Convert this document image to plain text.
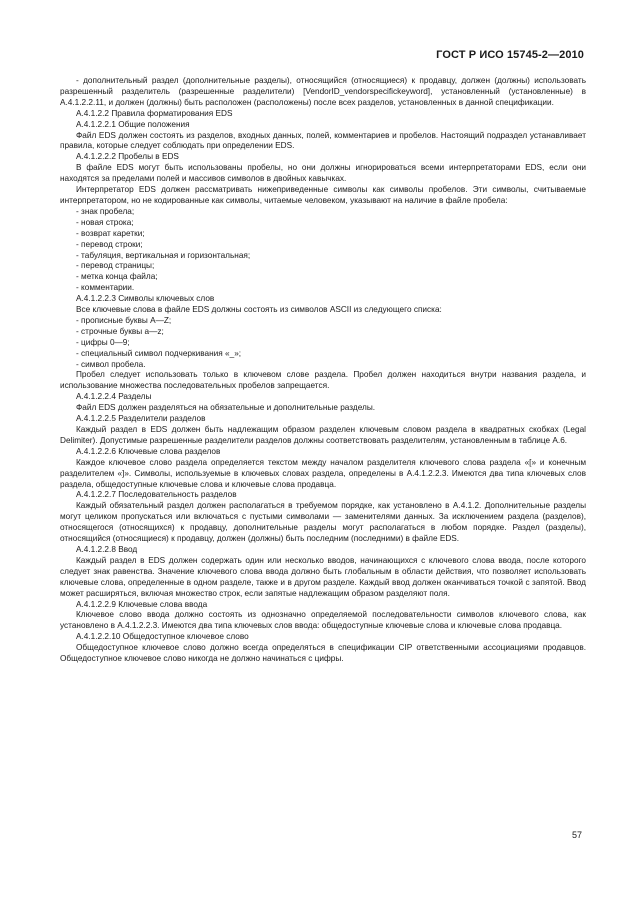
ГОСТ Р ИСО 15745-2—2010

- дополнительный раздел (дополнительные разделы), относящийся (относящиеся) к продавцу, должен (должны) использовать разрешенный разделитель (разрешенные разделители) [VendorID_vendorspecifickeyword], установленный (установленные) в А.4.1.2.2.11, и должен (должны) быть расположен (расположены) после всех разделов, установленных в данной спецификации.

А.4.1.2.2 Правила форматирования EDS

А.4.1.2.2.1 Общие положения

Файл EDS должен состоять из разделов, входных данных, полей, комментариев и пробелов. Настоящий подраздел устанавливает правила, которые следует соблюдать при определении EDS.

А.4.1.2.2.2 Пробелы в EDS

В файле EDS могут быть использованы пробелы, но они должны игнорироваться всеми интерпретаторами EDS, если они находятся за пределами полей и массивов символов в двойных кавычках.

Интерпретатор EDS должен рассматривать нижеприведенные символы как символы пробелов. Эти символы, считываемые интерпретатором, но не кодированные как символы, читаемые человеком, указывают на наличие в файле пробела:

- знак пробела;

- новая строка;

- возврат каретки;

- перевод строки;

- табуляция, вертикальная и горизонтальная;

- перевод страницы;

- метка конца файла;

- комментарии.

А.4.1.2.2.3 Символы ключевых слов

Все ключевые слова в файле EDS должны состоять из символов ASCII из следующего списка:

- прописные буквы А—Z;

- строчные буквы а—z;

- цифры 0—9;

- специальный символ подчеркивания «_»;

- символ пробела.

Пробел следует использовать только в ключевом слове раздела. Пробел должен находиться внутри названия раздела, и использование множества последовательных пробелов запрещается.

А.4.1.2.2.4 Разделы

Файл EDS должен разделяться на обязательные и дополнительные разделы.

А.4.1.2.2.5 Разделители разделов

Каждый раздел в EDS должен быть надлежащим образом разделен ключевым словом раздела в квадратных скобках (Legal Delimiter). Допустимые разрешенные разделители разделов должны соответствовать разделителям, установленным в таблице А.6.

А.4.1.2.2.6 Ключевые слова разделов

Каждое ключевое слово раздела определяется текстом между началом разделителя ключевого слова раздела «[» и конечным разделителем «]». Символы, используемые в ключевых словах раздела, определены в А.4.1.2.2.3. Имеются два типа ключевых слов раздела, общедоступные ключевые слова и ключевые слова продавца.

А.4.1.2.2.7 Последовательность разделов

Каждый обязательный раздел должен располагаться в требуемом порядке, как установлено в А.4.1.2. Дополнительные разделы могут целиком пропускаться или включаться с пустыми символами — заменителями данных. За исключением раздела (разделов), относящегося (относящихся) к продавцу, дополнительные разделы могут располагаться в любом порядке. Раздел (разделы), относящийся (относящиеся) к продавцу, должен (должны) быть последним (последними) в файле EDS.

А.4.1.2.2.8 Ввод

Каждый раздел в EDS должен содержать один или несколько вводов, начинающихся с ключевого слова ввода, после которого следует знак равенства. Значение ключевого слова ввода должно быть глобальным в области действия, что позволяет использовать ключевые слова, определенные в одном разделе, также и в другом разделе. Каждый ввод должен оканчиваться точкой с запятой. Ввод может расширяться, включая множество строк, если запятые надлежащим образом разделяют поля.

А.4.1.2.2.9 Ключевые слова ввода

Ключевое слово ввода должно состоять из однозначно определяемой последовательности символов ключевого слова, как установлено в А.4.1.2.2.3. Имеются два типа ключевых слов ввода: общедоступные ключевые слова и ключевые слова продавца.

А.4.1.2.2.10 Общедоступное ключевое слово

Общедоступное ключевое слово должно всегда определяться в спецификации CIP ответственными ассоциациями продавцов. Общедоступное ключевое слово никогда не должно начинаться с цифры.

57
